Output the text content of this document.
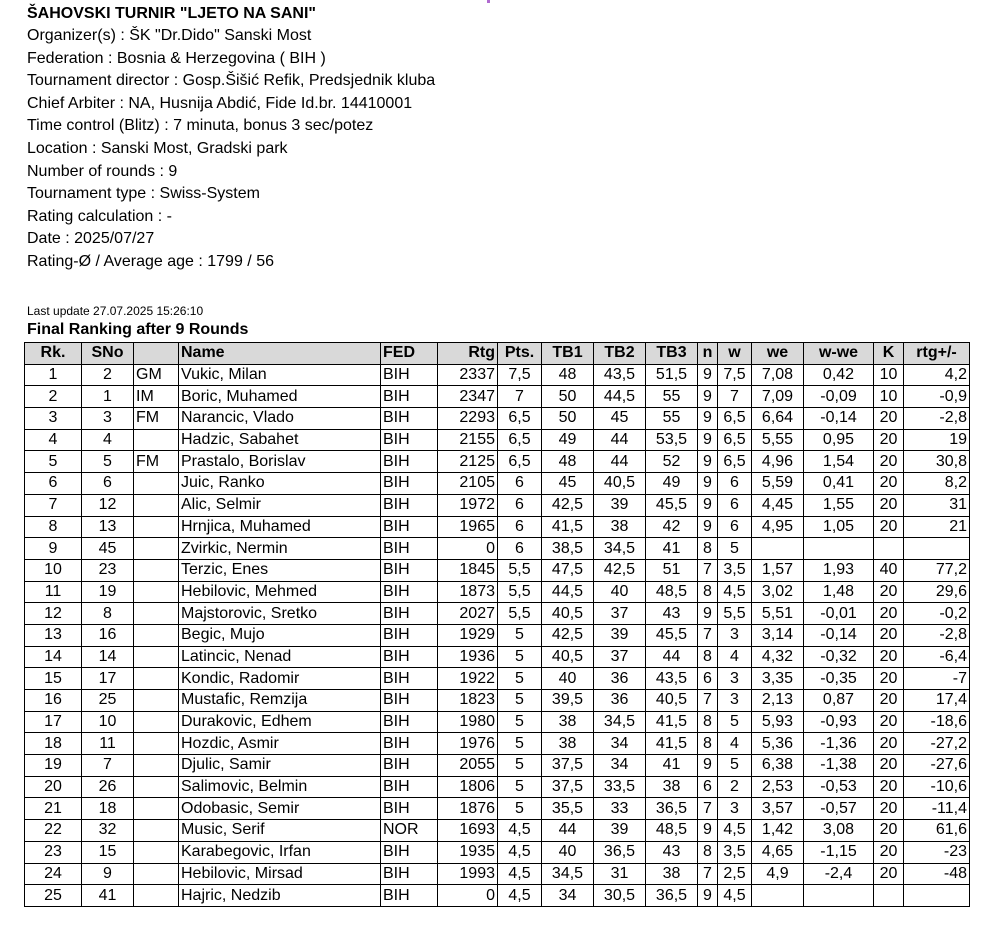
ŠAHOVSKI TURNIR "LJETO NA SANI"
Organizer(s) : ŠK "Dr.Dido" Sanski Most
Federation : Bosnia & Herzegovina ( BIH )
Tournament director : Gosp.Šišić Refik, Predsjednik kluba
Chief Arbiter : NA, Husnija Abdić, Fide Id.br. 14410001
Time control (Blitz) : 7 minuta, bonus 3 sec/potez
Location : Sanski Most, Gradski park
Number of rounds : 9
Tournament type : Swiss-System
Rating calculation : -
Date : 2025/07/27
Rating-Ø / Average age : 1799 / 56
Last update 27.07.2025 15:26:10
Final Ranking after 9 Rounds
Rk.	SNo		Name	FED	Rtg	Pts.	TB1	TB2	TB3	n	w	we	w-we	K	rtg+/-
1	2	GM	Vukic, Milan	BIH	2337	7,5	48	43,5	51,5	9	7,5	7,08	0,42	10	4,2
2	1	IM	Boric, Muhamed	BIH	2347	7	50	44,5	55	9	7	7,09	-0,09	10	-0,9
3	3	FM	Narancic, Vlado	BIH	2293	6,5	50	45	55	9	6,5	6,64	-0,14	20	-2,8
4	4		Hadzic, Sabahet	BIH	2155	6,5	49	44	53,5	9	6,5	5,55	0,95	20	19
5	5	FM	Prastalo, Borislav	BIH	2125	6,5	48	44	52	9	6,5	4,96	1,54	20	30,8
6	6		Juic, Ranko	BIH	2105	6	45	40,5	49	9	6	5,59	0,41	20	8,2
7	12		Alic, Selmir	BIH	1972	6	42,5	39	45,5	9	6	4,45	1,55	20	31
8	13		Hrnjica, Muhamed	BIH	1965	6	41,5	38	42	9	6	4,95	1,05	20	21
9	45		Zvirkic, Nermin	BIH	0	6	38,5	34,5	41	8	5				
10	23		Terzic, Enes	BIH	1845	5,5	47,5	42,5	51	7	3,5	1,57	1,93	40	77,2
11	19		Hebilovic, Mehmed	BIH	1873	5,5	44,5	40	48,5	8	4,5	3,02	1,48	20	29,6
12	8		Majstorovic, Sretko	BIH	2027	5,5	40,5	37	43	9	5,5	5,51	-0,01	20	-0,2
13	16		Begic, Mujo	BIH	1929	5	42,5	39	45,5	7	3	3,14	-0,14	20	-2,8
14	14		Latincic, Nenad	BIH	1936	5	40,5	37	44	8	4	4,32	-0,32	20	-6,4
15	17		Kondic, Radomir	BIH	1922	5	40	36	43,5	6	3	3,35	-0,35	20	-7
16	25		Mustafic, Remzija	BIH	1823	5	39,5	36	40,5	7	3	2,13	0,87	20	17,4
17	10		Durakovic, Edhem	BIH	1980	5	38	34,5	41,5	8	5	5,93	-0,93	20	-18,6
18	11		Hozdic, Asmir	BIH	1976	5	38	34	41,5	8	4	5,36	-1,36	20	-27,2
19	7		Djulic, Samir	BIH	2055	5	37,5	34	41	9	5	6,38	-1,38	20	-27,6
20	26		Salimovic, Belmin	BIH	1806	5	37,5	33,5	38	6	2	2,53	-0,53	20	-10,6
21	18		Odobasic, Semir	BIH	1876	5	35,5	33	36,5	7	3	3,57	-0,57	20	-11,4
22	32		Music, Serif	NOR	1693	4,5	44	39	48,5	9	4,5	1,42	3,08	20	61,6
23	15		Karabegovic, Irfan	BIH	1935	4,5	40	36,5	43	8	3,5	4,65	-1,15	20	-23
24	9		Hebilovic, Mirsad	BIH	1993	4,5	34,5	31	38	7	2,5	4,9	-2,4	20	-48
25	41		Hajric, Nedzib	BIH	0	4,5	34	30,5	36,5	9	4,5				
